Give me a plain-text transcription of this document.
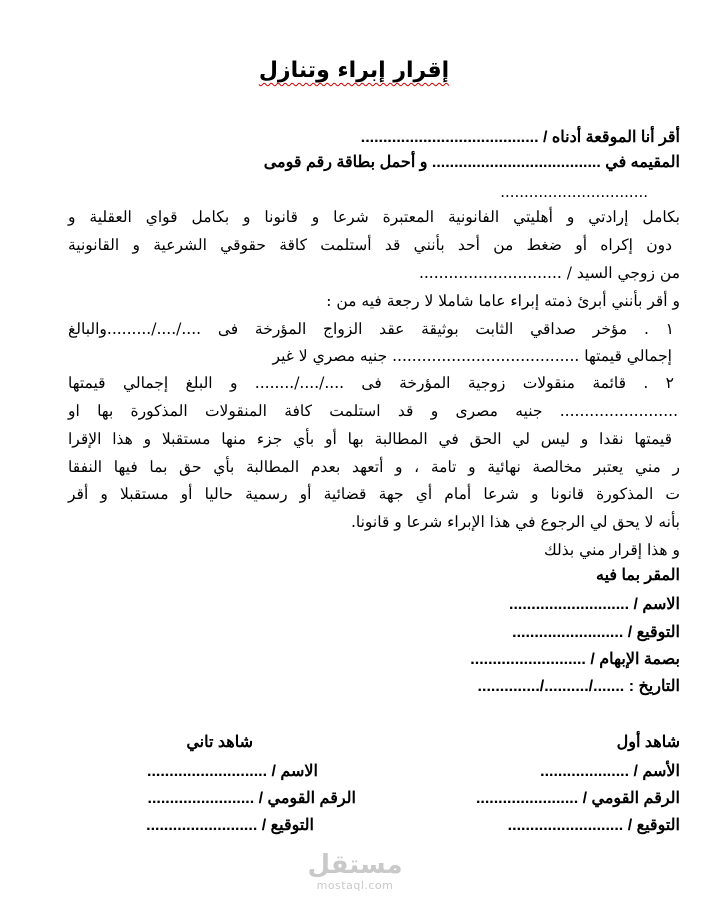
إقرار إبراء وتنازل
أقر أنا الموقعة أدناه / ........................................
المقيمه في ...................................... و أحمل بطاقة رقم قومى
...............................
بكامل إرادتي و أهليتي الفانونية المعتبرة شرعا و قانونا و بكامل قواي العقلية و
دون إكراه أو ضغط من أحد بأنني قد أستلمت كاقة حقوقي الشرعية و القانونية
من زوجي السيد / .............................
و أقر بأنني أبرئ ذمته إبراء عاما شاملا لا رجعة فيه من :
١ . مؤخر صداقي الثابت بوثيقة عقد الزواج المؤرخة فى ..../..../.........والبالغ
إجمالي قيمتها ...................................... جنيه مصري لا غير
٢ . قائمة منقولات زوجية المؤرخة فى ..../..../........ و البلغ إجمالي قيمتها
........................ جنيه مصرى و قد استلمت كافة المنقولات المذكورة بها او
قيمتها نقدا و ليس لي الحق في المطالبة بها أو بأي جزء منها مستقبلا و هذا الإقرا
ر مني يعتبر مخالصة نهائية و تامة ، و أتعهد بعدم المطالبة بأي حق بما فيها النفقا
ت المذكورة قانونا و شرعا أمام أي جهة قضائية أو رسمية حاليا أو مستقبلا و أقر
بأنه لا يحق لي الرجوع في هذا الإبراء شرعا و قانونا.
و هذا إقرار مني بذلك
المقر بما فيه
الاسم / ...........................
التوقيع / .........................
بصمة الإبهام / ..........................
التاريخ : ......./........../..............
شاهد أول
الأسم / ....................
الرقم القومي / .......................
التوقيع / ..........................
شاهد تاني
الاسم / ...........................
الرقم القومي / ........................
التوقيع / .........................
مستقل
mostaql.com
